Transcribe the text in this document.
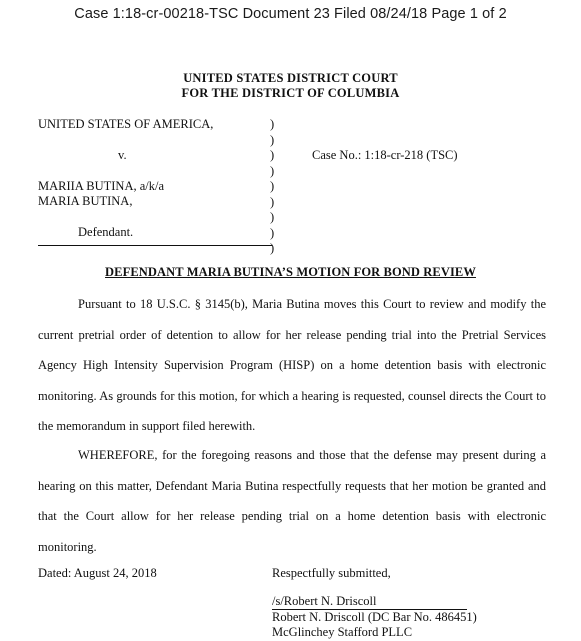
Case 1:18-cr-00218-TSC Document 23 Filed 08/24/18 Page 1 of 2
UNITED STATES DISTRICT COURT
FOR THE DISTRICT OF COLUMBIA
UNITED STATES OF AMERICA,
v.
MARIIA BUTINA, a/k/a
MARIA BUTINA,
Defendant.
Case No.: 1:18-cr-218 (TSC)
)
)
)
)
)
)
)
)
)
DEFENDANT MARIA BUTINA’S MOTION FOR BOND REVIEW
Pursuant to 18 U.S.C. § 3145(b), Maria Butina moves this Court to review and modify the current pretrial order of detention to allow for her release pending trial into the Pretrial Services Agency High Intensity Supervision Program (HISP) on a home detention basis with electronic monitoring. As grounds for this motion, for which a hearing is requested, counsel directs the Court to the memorandum in support filed herewith.
WHEREFORE, for the foregoing reasons and those that the defense may present during a hearing on this matter, Defendant Maria Butina respectfully requests that her motion be granted and that the Court allow for her release pending trial on a home detention basis with electronic monitoring.
Dated: August 24, 2018	Respectfully submitted,
/s/Robert N. Driscoll
Robert N. Driscoll (DC Bar No. 486451)
McGlinchey Stafford PLLC
